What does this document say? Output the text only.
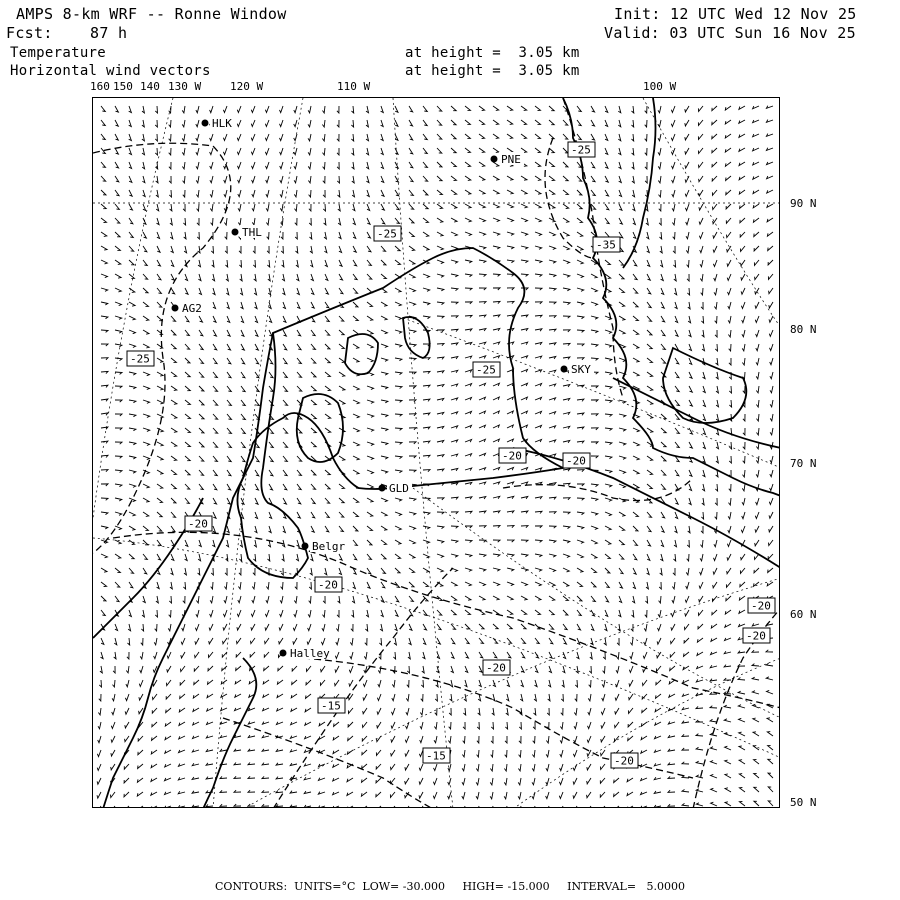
AMPS 8-km WRF -- Ronne Window
Fcst: 87 h
Init: 12 UTC Wed 12 Nov 25
Valid: 03 UTC Sun 16 Nov 25
Temperature
Horizontal wind vectors
at height =  3.05 km
at height =  3.05 km
160 150 140 130 W	120 W	110 W	100 W
90 N
80 N
70 N
60 N
50 N
HLK
PNE
THL
AG2
SKY
GLD
Belgr
Halley
-25
-25
-35
-25
-25
-20
-20
-20
-20
-20
-20
-15
-15
-20
-20
CONTOURS:  UNITS=°C  LOW= -30.000     HIGH= -15.000     INTERVAL=   5.0000
